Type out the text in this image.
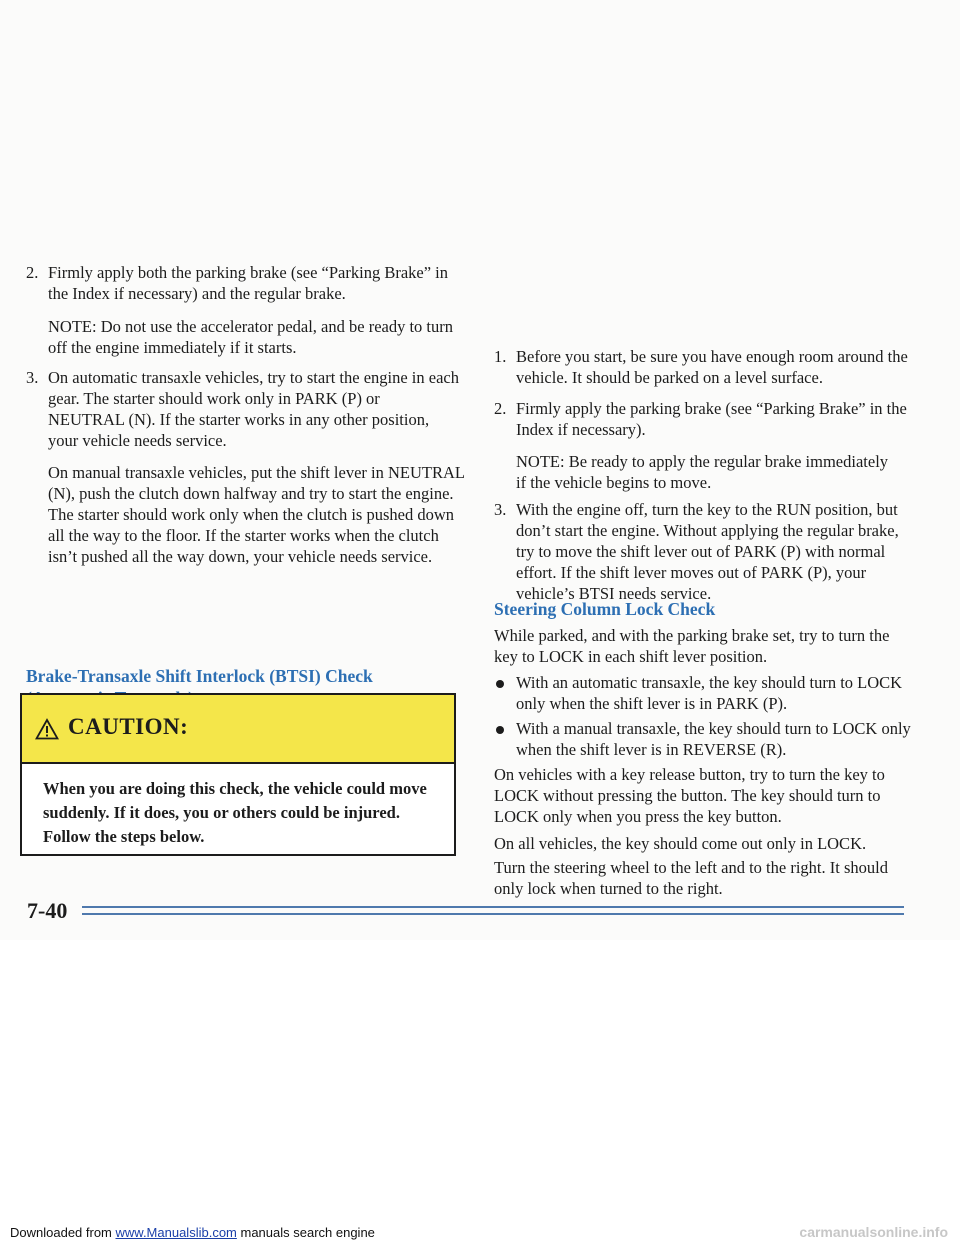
2. Firmly apply both the parking brake (see “Parking Brake” in the Index if necessary) and the regular brake.
NOTE: Do not use the accelerator pedal, and be ready to turn off the engine immediately if it starts.
3. On automatic transaxle vehicles, try to start the engine in each gear. The starter should work only in PARK (P) or NEUTRAL (N). If the starter works in any other position, your vehicle needs service.
On manual transaxle vehicles, put the shift lever in NEUTRAL (N), push the clutch down halfway and try to start the engine. The starter should work only when the clutch is pushed down all the way to the floor. If the starter works when the clutch isn’t pushed all the way down, your vehicle needs service.
Brake-Transaxle Shift Interlock (BTSI) Check
CAUTION:
When you are doing this check, the vehicle could move suddenly. If it does, you or others could be injured. Follow the steps below.
1. Before you start, be sure you have enough room around the vehicle. It should be parked on a level surface.
2. Firmly apply the parking brake (see “Parking Brake” in the Index if necessary).
NOTE: Be ready to apply the regular brake immediately if the vehicle begins to move.
3. With the engine off, turn the key to the RUN position, but don’t start the engine. Without applying the regular brake, try to move the shift lever out of PARK (P) with normal effort. If the shift lever moves out of PARK (P), your vehicle’s BTSI needs service.
Steering Column Lock Check
While parked, and with the parking brake set, try to turn the key to LOCK in each shift lever position.
With an automatic transaxle, the key should turn to LOCK only when the shift lever is in PARK (P).
With a manual transaxle, the key should turn to LOCK only when the shift lever is in REVERSE (R).
On vehicles with a key release button, try to turn the key to LOCK without pressing the button. The key should turn to LOCK only when you press the key button.
On all vehicles, the key should come out only in LOCK.
Turn the steering wheel to the left and to the right. It should only lock when turned to the right.
7-40
Downloaded from www.Manualslib.com manuals search engine	carmanualsonline.info
